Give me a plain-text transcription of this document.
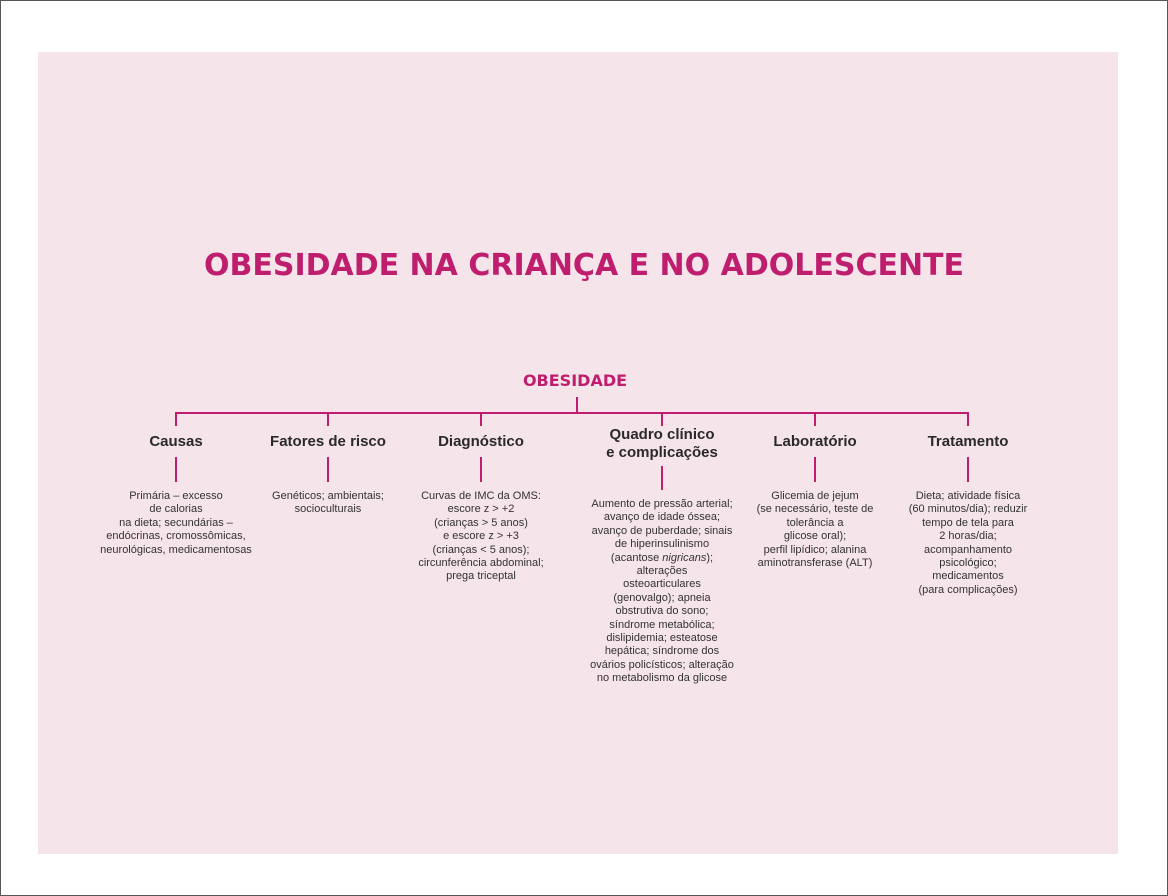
OBESIDADE NA CRIANÇA E NO ADOLESCENTE
OBESIDADE
Causas	Fatores de risco	Diagnóstico	Quadro clínico
e complicações
Laboratório	Tratamento
Primária – excesso
de calorias
na dieta; secundárias –
endócrinas, cromossômicas,
neurológicas, medicamentosas
Genéticos; ambientais;
socioculturais
Curvas de IMC da OMS:
escore z > +2
(crianças > 5 anos)
e escore z > +3
(crianças < 5 anos);
circunferência abdominal;
prega triceptal
Aumento de pressão arterial;
avanço de idade óssea;
avanço de puberdade; sinais
de hiperinsulinismo
(acantose nigricans);
alterações
osteoarticulares
(genovalgo); apneia
obstrutiva do sono;
síndrome metabólica;
dislipidemia; esteatose
hepática; síndrome dos
ovários policísticos; alteração
no metabolismo da glicose
Glicemia de jejum
(se necessário, teste de
tolerância a
glicose oral);
perfil lipídico; alanina
aminotransferase (ALT)
Dieta; atividade física
(60 minutos/dia); reduzir
tempo de tela para
2 horas/dia;
acompanhamento
psicológico;
medicamentos
(para complicações)
